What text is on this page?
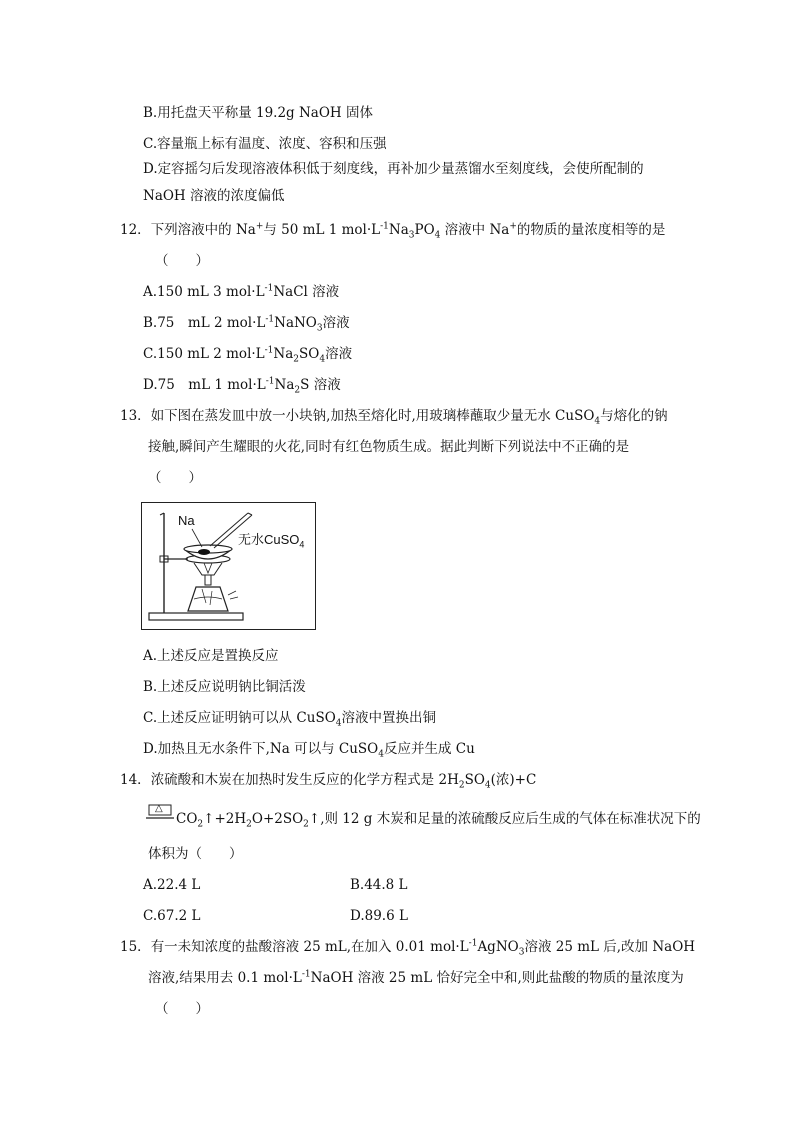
B.用托盘天平称量 19.2g NaOH 固体
C.容量瓶上标有温度、浓度、容积和压强
D.定容摇匀后发现溶液体积低于刻度线，再补加少量蒸馏水至刻度线，会使所配制的
NaOH 溶液的浓度偏低
12．下列溶液中的 Na+与 50 mL 1 $mol\cdot L^{-1}Na_3PO_4$ 溶液中 Na+的物质的量浓度相等的是
（　　）
A.150 mL 3 $mol\cdot L^{-1}NaCl$ 溶液
B.75　mL 2 $mol\cdot L^{-1}NaNO_3$溶液
C.150 mL 2 $mol\cdot L^{-1}Na_2SO_4$溶液
D.75　mL 1 $mol\cdot L^{-1}Na_2S$ 溶液
13．如下图在蒸发皿中放一小块钠,加热至熔化时,用玻璃棒蘸取少量无水 CuSO$_4$与熔化的钠
接触,瞬间产生耀眼的火花,同时有红色物质生成。据此判断下列说法中不正确的是
（　　）
Na
无水CuSO$_4$
A.上述反应是置换反应
B.上述反应说明钠比铜活泼
C.上述反应证明钠可以从 CuSO$_4$溶液中置换出铜
D.加热且无水条件下,Na 可以与 CuSO$_4$反应并生成 Cu
14．浓硫酸和木炭在加热时发生反应的化学方程式是 $2H_2SO_4$(浓)+C
△
$CO_2↑+2H_2O+2SO_2↑$,则 12 g 木炭和足量的浓硫酸反应后生成的气体在标准状况下的
体积为（　　）
A.22.4 L	B.44.8 L
C.67.2 L	D.89.6 L
15．有一未知浓度的盐酸溶液 25 mL,在加入 0.01 $mol\cdot L^{-1}AgNO_3$溶液 25 mL 后,改加 NaOH
溶液,结果用去 0.1 $mol\cdot L^{-1}NaOH$ 溶液 25 mL 恰好完全中和,则此盐酸的物质的量浓度为
（　　）
